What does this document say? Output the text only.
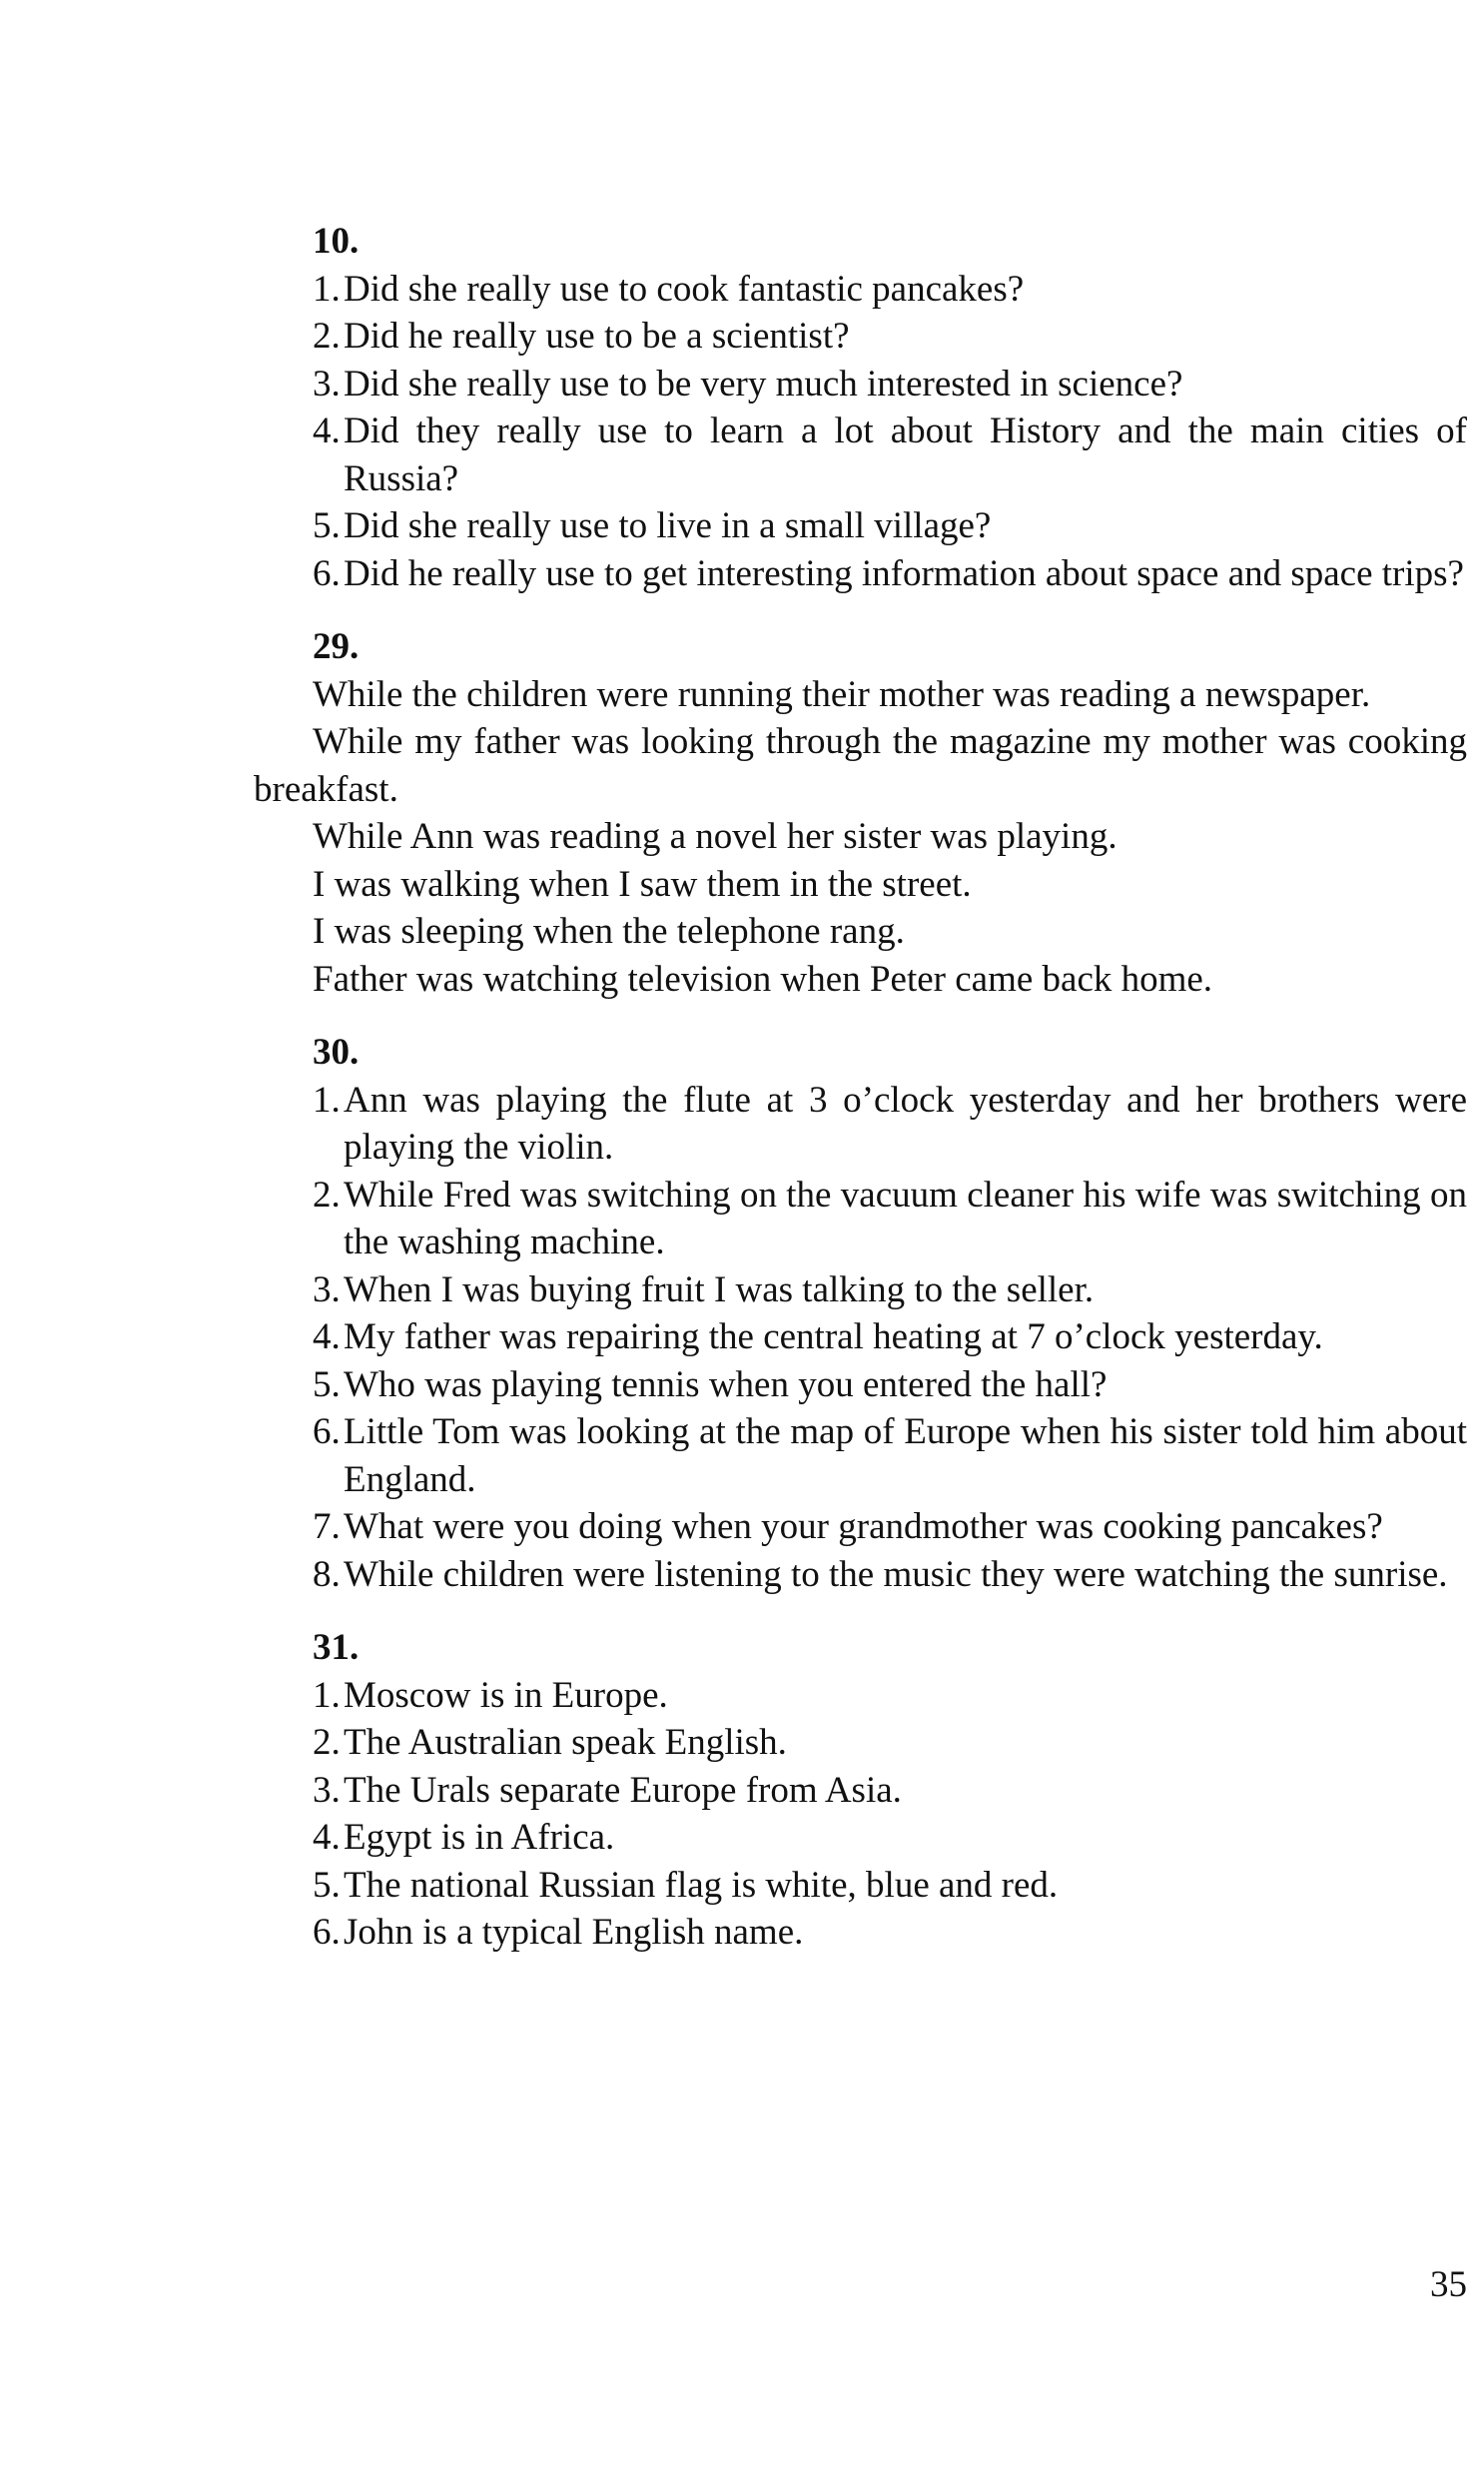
10.
1. Did she really use to cook fantastic pancakes?
2. Did he really use to be a scientist?
3. Did she really use to be very much interested in science?
4. Did they really use to learn a lot about History and the main cities of Russia?
5. Did she really use to live in a small village?
6. Did he really use to get interesting information about space and space trips?
29.

While the children were running their mother was reading a newspaper.

While my father was looking through the magazine my mother was cooking breakfast.

While Ann was reading a novel her sister was playing.

I was walking when I saw them in the street.

I was sleeping when the telephone rang.

Father was watching television when Peter came back home.

30.
1. Ann was playing the flute at 3 o’clock yesterday and her brothers were playing the violin.
2. While Fred was switching on the vacuum cleaner his wife was switching on the washing machine.
3. When I was buying fruit I was talking to the seller.
4. My father was repairing the central heating at 7 o’clock yesterday.
5. Who was playing tennis when you entered the hall?
6. Little Tom was looking at the map of Europe when his sister told him about England.
7. What were you doing when your grandmother was cooking pancakes?
8. While children were listening to the music they were watching the sunrise.
31.
1. Moscow is in Europe.
2. The Australian speak English.
3. The Urals separate Europe from Asia.
4. Egypt is in Africa.
5. The national Russian flag is white, blue and red.
6. John is a typical English name.
35
